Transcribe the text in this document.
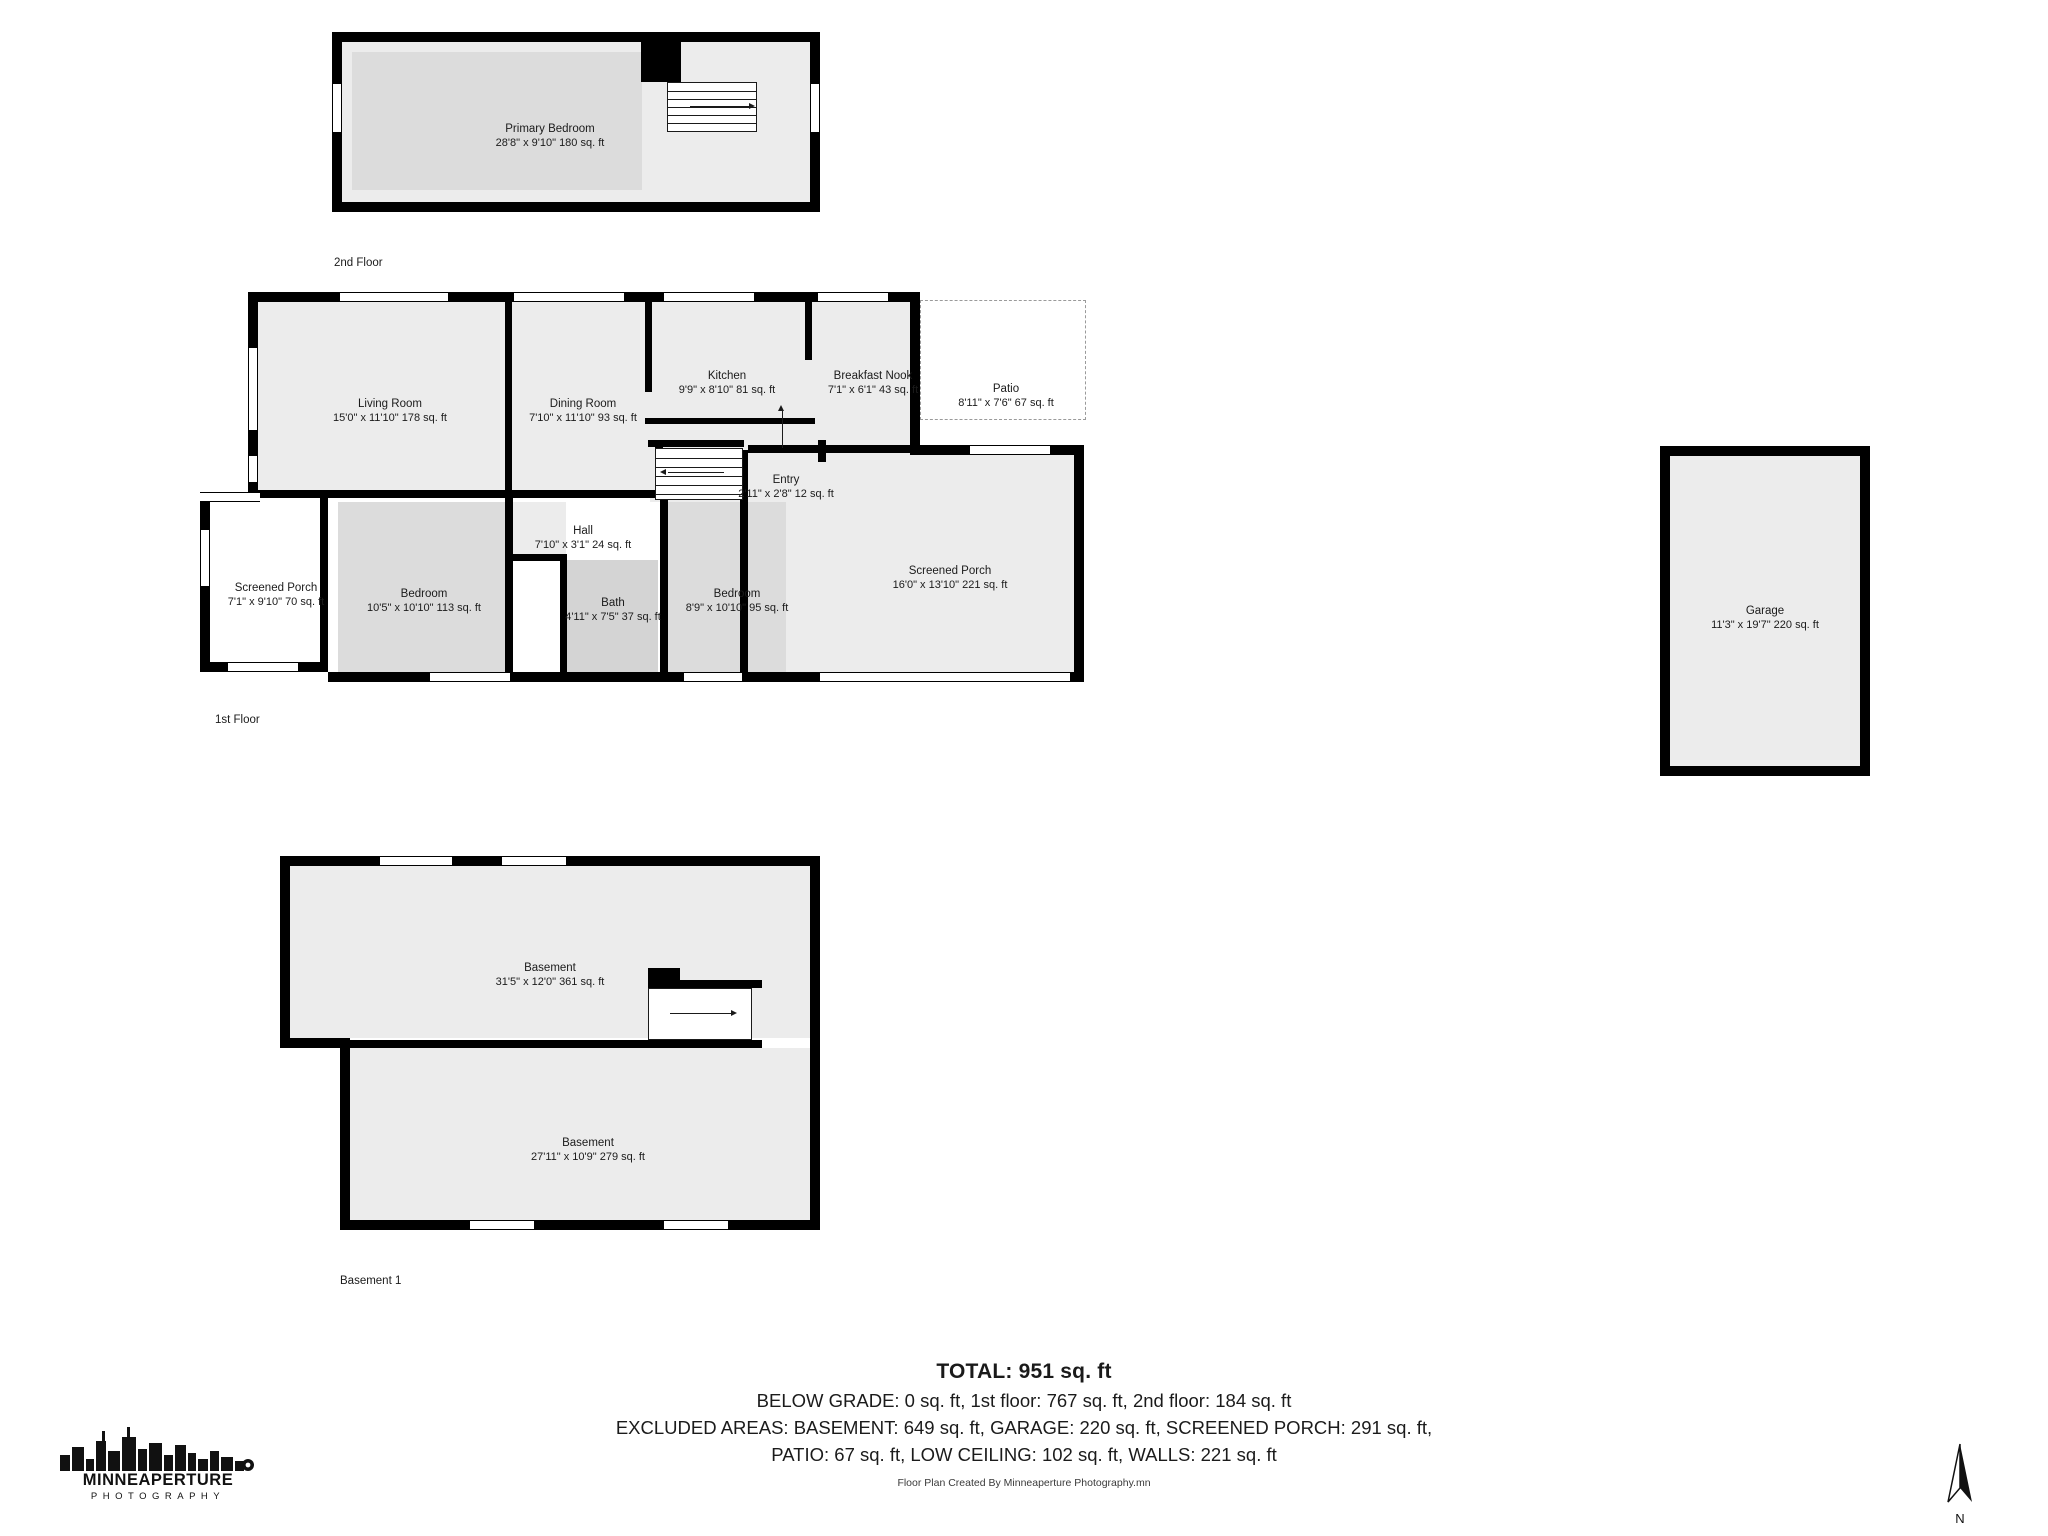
Primary Bedroom
28'8" x 9'10" 180 sq. ft
2nd Floor
Living Room
15'0" x 11'10" 178 sq. ft
Dining Room
7'10" x 11'10" 93 sq. ft
Kitchen
9'9" x 8'10" 81 sq. ft
Breakfast Nook
7'1" x 6'1" 43 sq. ft	Patio
8'11" x 7'6" 67 sq. ft
Entry
2'11" x 2'8" 12 sq. ft
Hall
7'10" x 3'1" 24 sq. ft
Screened Porch
7'1" x 9'10" 70 sq. ft
Bedroom
10'5" x 10'10" 113 sq. ft	Bath
4'11" x 7'5" 37 sq. ft
Bedroom
8'9" x 10'10" 95 sq. ft
Screened Porch
16'0" x 13'10" 221 sq. ft
1st Floor
Garage
11'3" x 19'7" 220 sq. ft
Basement
31'5" x 12'0" 361 sq. ft
Basement
27'11" x 10'9" 279 sq. ft
Basement 1
TOTAL: 951 sq. ft
BELOW GRADE: 0 sq. ft, 1st floor: 767 sq. ft, 2nd floor: 184 sq. ft
EXCLUDED AREAS: BASEMENT: 649 sq. ft, GARAGE: 220 sq. ft, SCREENED PORCH: 291 sq. ft,
PATIO: 67 sq. ft, LOW CEILING: 102 sq. ft, WALLS: 221 sq. ft
Floor Plan Created By Minneaperture Photography.mn
MINNEAPERTURE
PHOTOGRAPHY
N
